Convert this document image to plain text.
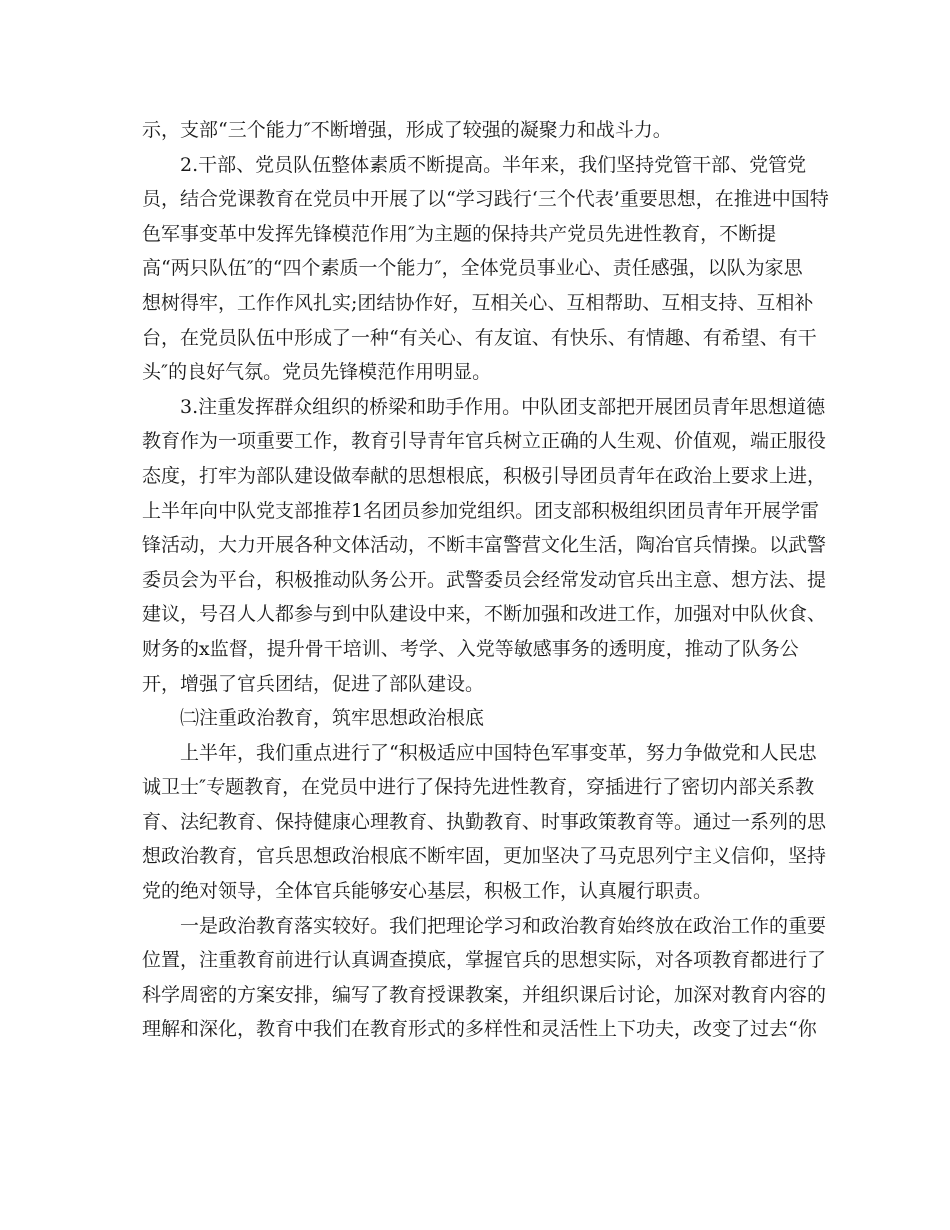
示，支部“三个能力″不断增强，形成了较强的凝聚力和战斗力。
2.干部、党员队伍整体素质不断提高。半年来，我们坚持党管干部、党管党
员，结合党课教育在党员中开展了以“学习践行‘三个代表’重要思想，在推进中国特
色军事变革中发挥先锋模范作用″为主题的保持共产党员先进性教育，不断提
高“两只队伍″的“四个素质一个能力″，全体党员事业心、责任感强，以队为家思
想树得牢，工作作风扎实;团结协作好，互相关心、互相帮助、互相支持、互相补
台，在党员队伍中形成了一种“有关心、有友谊、有快乐、有情趣、有希望、有干
头″的良好气氛。党员先锋模范作用明显。
3.注重发挥群众组织的桥梁和助手作用。中队团支部把开展团员青年思想道德
教育作为一项重要工作，教育引导青年官兵树立正确的人生观、价值观，端正服役
态度，打牢为部队建设做奉献的思想根底，积极引导团员青年在政治上要求上进，
上半年向中队党支部推荐1名团员参加党组织。团支部积极组织团员青年开展学雷
锋活动，大力开展各种文体活动，不断丰富警营文化生活，陶冶官兵情操。以武警
委员会为平台，积极推动队务公开。武警委员会经常发动官兵出主意、想方法、提
建议，号召人人都参与到中队建设中来，不断加强和改进工作，加强对中队伙食、
财务的x监督，提升骨干培训、考学、入党等敏感事务的透明度，推动了队务公
开，增强了官兵团结，促进了部队建设。
㈡注重政治教育，筑牢思想政治根底
上半年，我们重点进行了“积极适应中国特色军事变革，努力争做党和人民忠
诚卫士″专题教育，在党员中进行了保持先进性教育，穿插进行了密切内部关系教
育、法纪教育、保持健康心理教育、执勤教育、时事政策教育等。通过一系列的思
想政治教育，官兵思想政治根底不断牢固，更加坚决了马克思列宁主义信仰，坚持
党的绝对领导，全体官兵能够安心基层，积极工作，认真履行职责。
一是政治教育落实较好。我们把理论学习和政治教育始终放在政治工作的重要
位置，注重教育前进行认真调查摸底，掌握官兵的思想实际，对各项教育都进行了
科学周密的方案安排，编写了教育授课教案，并组织课后讨论，加深对教育内容的
理解和深化，教育中我们在教育形式的多样性和灵活性上下功夫，改变了过去“你
